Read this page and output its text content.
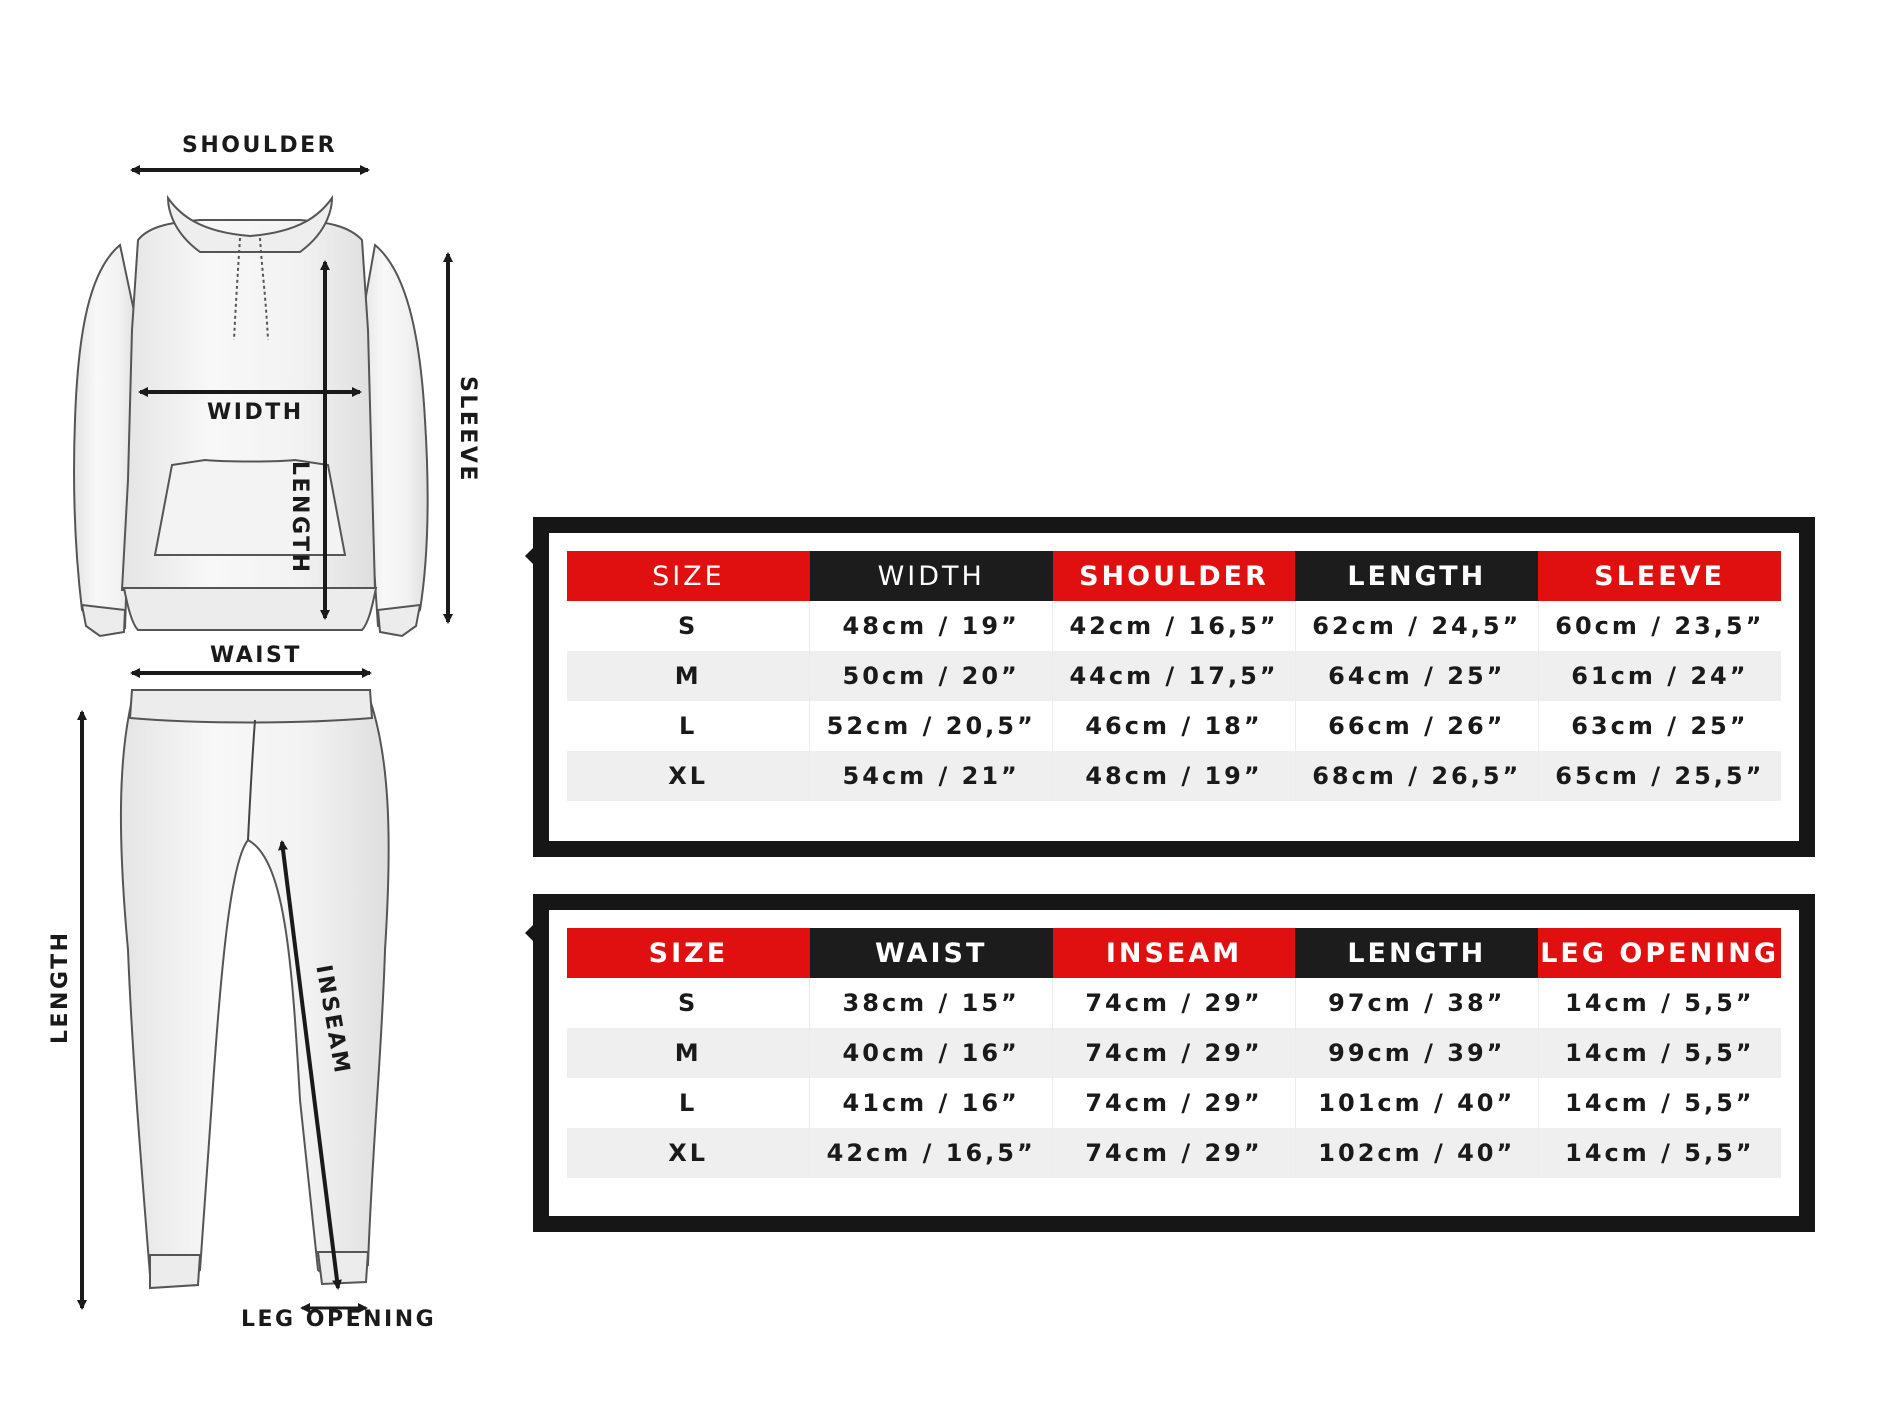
SHOULDER
WIDTH
LENGTH
SLEEVE
WAIST
LENGTH	INSEAM
LEG OPENING
SIZE	WIDTH	SHOULDER	LENGTH	SLEEVE
S	48cm / 19”	42cm / 16,5”	62cm / 24,5”	60cm / 23,5”
M	50cm / 20”	44cm / 17,5”	64cm / 25”	61cm / 24”
L	52cm / 20,5”	46cm / 18”	66cm / 26”	63cm / 25”
XL	54cm / 21”	48cm / 19”	68cm / 26,5”	65cm / 25,5”
SIZE	WAIST	INSEAM	LENGTH	LEG OPENING
S	38cm / 15”	74cm / 29”	97cm / 38”	14cm / 5,5”
M	40cm / 16”	74cm / 29”	99cm / 39”	14cm / 5,5”
L	41cm / 16”	74cm / 29”	101cm / 40”	14cm / 5,5”
XL	42cm / 16,5”	74cm / 29”	102cm / 40”	14cm / 5,5”
